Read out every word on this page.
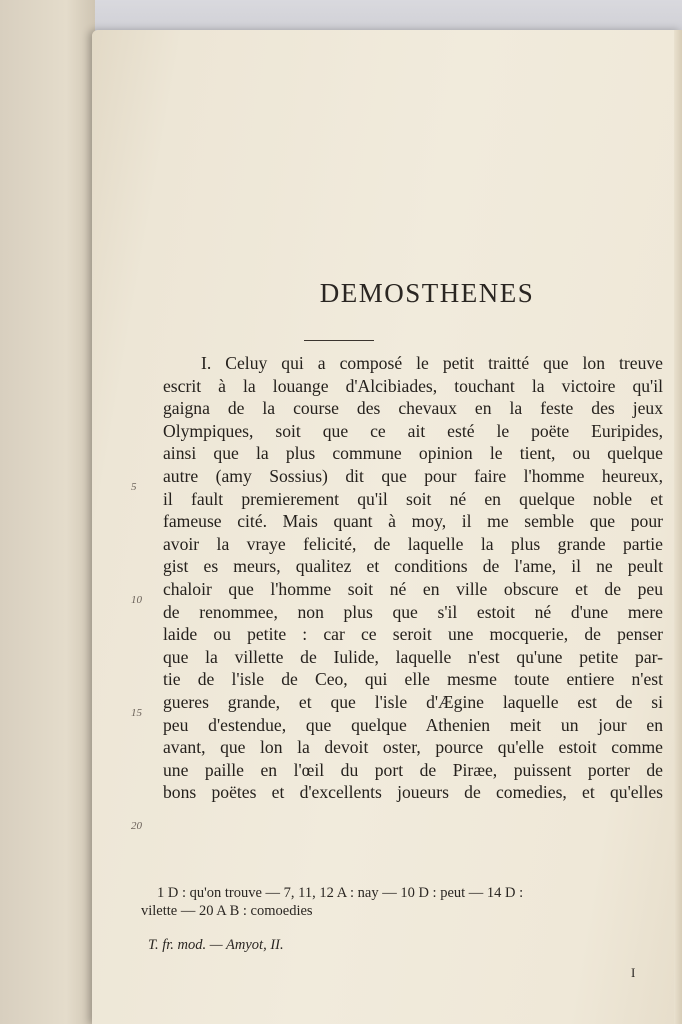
DEMOSTHENES
I. Celuy qui a composé le petit traitté que lon treuve
escrit à la louange d'Alcibiades, touchant la victoire qu'il
gaigna de la course des chevaux en la feste des jeux
Olympiques, soit que ce ait esté le poëte Euripides,
ainsi que la plus commune opinion le tient, ou quelque
autre (amy Sossius) dit que pour faire l'homme heureux,
il fault premierement qu'il soit né en quelque noble et
fameuse cité. Mais quant à moy, il me semble que pour
avoir la vraye felicité, de laquelle la plus grande partie
gist es meurs, qualitez et conditions de l'ame, il ne peult
chaloir que l'homme soit né en ville obscure et de peu
de renommee, non plus que s'il estoit né d'une mere
laide ou petite : car ce seroit une mocquerie, de penser
que la villette de Iulide, laquelle n'est qu'une petite par-
tie de l'isle de Ceo, qui elle mesme toute entiere n'est
gueres grande, et que l'isle d'Ægine laquelle est de si
peu d'estendue, que quelque Athenien meit un jour en
avant, que lon la devoit oster, pource qu'elle estoit comme
une paille en l'œil du port de Piræe, puissent porter de
bons poëtes et d'excellents joueurs de comedies, et qu'elles
5
10
15
20
1 D : qu'on trouve — 7, 11, 12 A : nay — 10 D : peut — 14 D :
vilette — 20 A B : comoedies
T. fr. mod. — Amyot, II.
I
